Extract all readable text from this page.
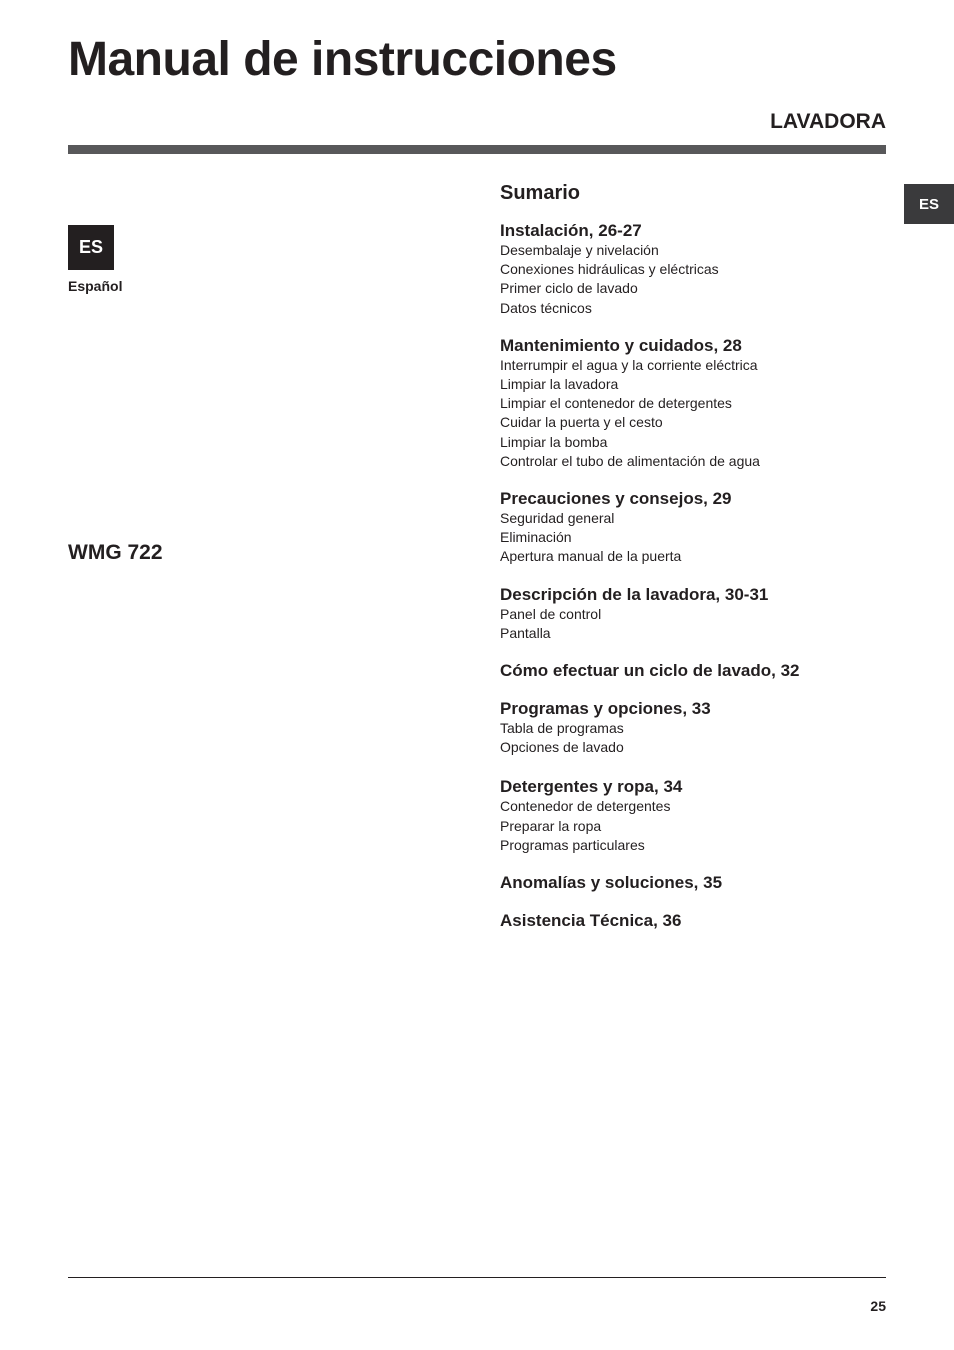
Manual de instrucciones
LAVADORA
ES
ES
Español
WMG 722
Sumario
Instalación, 26-27
Desembalaje y nivelación
Conexiones hidráulicas y eléctricas
Primer ciclo de lavado
Datos técnicos
Mantenimiento y cuidados, 28
Interrumpir el agua y la corriente eléctrica
Limpiar la lavadora
Limpiar el contenedor de detergentes
Cuidar la puerta y el cesto
Limpiar la bomba
Controlar el tubo de alimentación de agua
Precauciones y consejos, 29
Seguridad general
Eliminación
Apertura manual de la puerta
Descripción de la lavadora, 30-31
Panel de control
Pantalla
Cómo efectuar un ciclo de lavado, 32
Programas y opciones, 33
Tabla de programas
Opciones de lavado
Detergentes y ropa, 34
Contenedor de detergentes
Preparar la ropa
Programas particulares
Anomalías y soluciones, 35
Asistencia Técnica, 36
25
